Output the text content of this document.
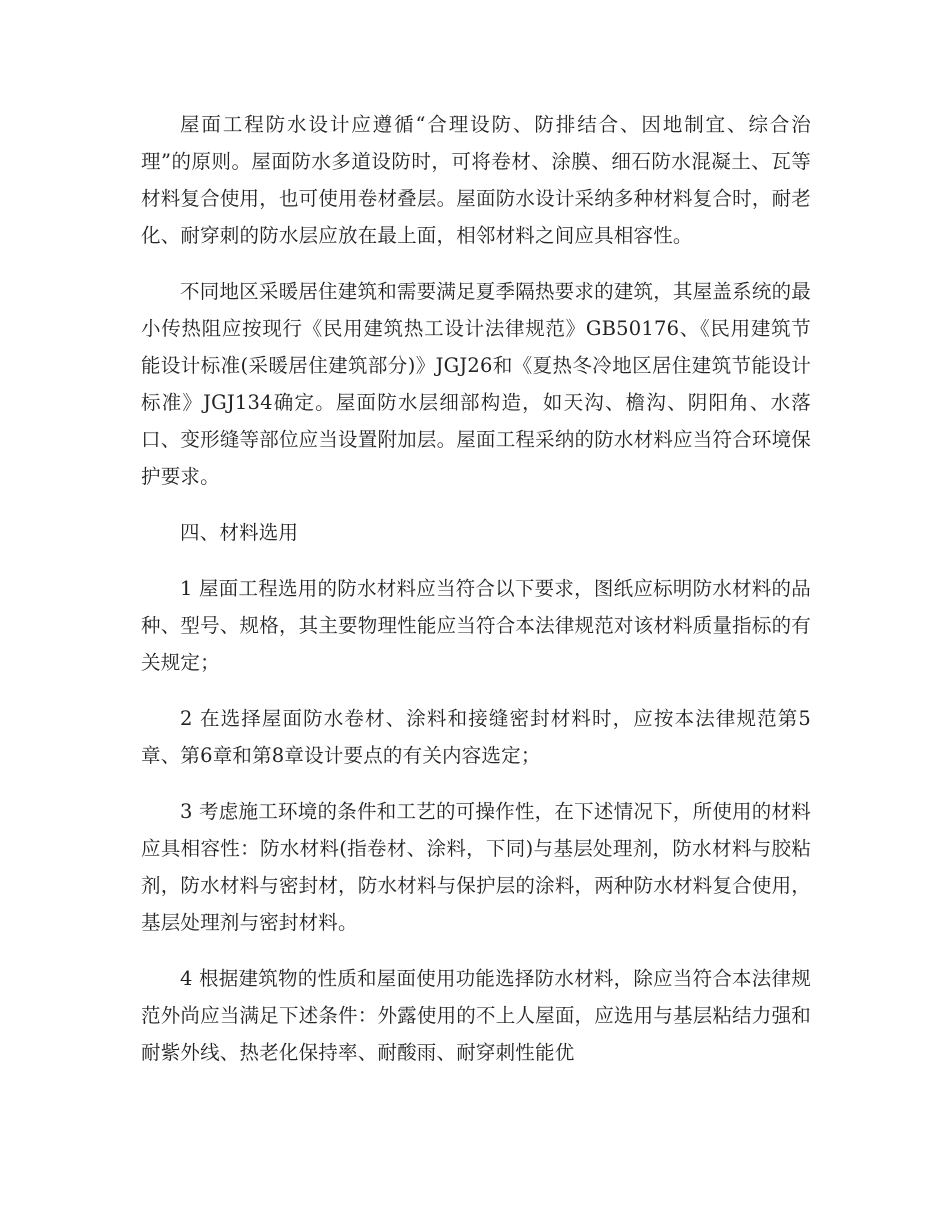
屋面工程防水设计应遵循“合理设防、防排结合、因地制宜、综合治理”的原则。屋面防水多道设防时，可将卷材、涂膜、细石防水混凝土、瓦等材料复合使用，也可使用卷材叠层。屋面防水设计采纳多种材料复合时，耐老化、耐穿刺的防水层应放在最上面，相邻材料之间应具相容性。

不同地区采暖居住建筑和需要满足夏季隔热要求的建筑，其屋盖系统的最小传热阻应按现行《民用建筑热工设计法律规范》GB50176、《民用建筑节能设计标准(采暖居住建筑部分)》JGJ26和《夏热冬冷地区居住建筑节能设计标准》JGJ134确定。屋面防水层细部构造，如天沟、檐沟、阴阳角、水落口、变形缝等部位应当设置附加层。屋面工程采纳的防水材料应当符合环境保护要求。

四、材料选用

1 屋面工程选用的防水材料应当符合以下要求，图纸应标明防水材料的品种、型号、规格，其主要物理性能应当符合本法律规范对该材料质量指标的有关规定；

2 在选择屋面防水卷材、涂料和接缝密封材料时，应按本法律规范第5章、第6章和第8章设计要点的有关内容选定；

3 考虑施工环境的条件和工艺的可操作性，在下述情况下，所使用的材料应具相容性：防水材料(指卷材、涂料，下同)与基层处理剂，防水材料与胶粘剂，防水材料与密封材，防水材料与保护层的涂料，两种防水材料复合使用，基层处理剂与密封材料。

4 根据建筑物的性质和屋面使用功能选择防水材料，除应当符合本法律规范外尚应当满足下述条件：外露使用的不上人屋面，应选用与基层粘结力强和耐紫外线、热老化保持率、耐酸雨、耐穿刺性能优
